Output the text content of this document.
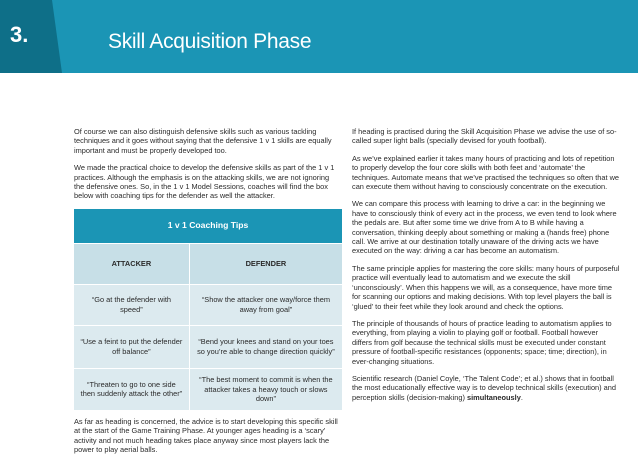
3.	Skill Acquisition Phase

Of course we can also distinguish defensive skills such as various tackling techniques and it goes without saying that the defensive 1 v 1 skills are equally important and must be properly developed too.

We made the practical choice to develop the defensive skills as part of the 1 v 1 practices. Although the emphasis is on the attacking skills, we are not ignoring the defensive ones. So, in the 1 v 1 Model Sessions, coaches will find the box below with coaching tips for the defender as well the attacker.

1 v 1 Coaching Tips	
ATTACKER	DEFENDER
“Go at the defender with speed”	“Show the attacker one way/force them away from goal”
“Use a feint to put the defender off balance”	“Bend your knees and stand on your toes so you’re able to change direction quickly”
“Threaten to go to one side then suddenly attack the other”	“The best moment to commit is when the attacker takes a heavy touch or slows down”

As far as heading is concerned, the advice is to start developing this specific skill at the start of the Game Training Phase. At younger ages heading is a ‘scary’ activity and not much heading takes place anyway since most players lack the power to play aerial balls.

If heading is practised during the Skill Acquisition Phase we advise the use of so-called super light balls (specially devised for youth football).

As we’ve explained earlier it takes many hours of practicing and lots of repetition to properly develop the four core skills with both feet and ‘automate’ the techniques. Automate means that we’ve practised the techniques so often that we can execute them without having to consciously concentrate on the execution.

We can compare this process with learning to drive a car: in the beginning we have to consciously think of every act in the process, we even tend to look where the pedals are. But after some time we drive from A to B while having a conversation, thinking deeply about something or making a (hands free) phone call. We arrive at our destination totally unaware of the driving acts we have executed on the way: driving a car has become an automatism.

The same principle applies for mastering the core skills: many hours of purposeful practice will eventually lead to automatism and we execute the skill ‘unconsciously’. When this happens we will, as a consequence, have more time for scanning our options and making decisions. With top level players the ball is ‘glued’ to their feet while they look around and check the options.

The principle of thousands of hours of practice leading to automatism applies to everything, from playing a violin to playing golf or football. Football however differs from golf because the technical skills must be executed under constant pressure of football-specific resistances (opponents; space; time; direction), in ever-changing situations.

Scientific research (Daniel Coyle, ‘The Talent Code’; et al.) shows that in football the most educationally effective way is to develop technical skills (execution) and perception skills (decision-making) simultaneously.
